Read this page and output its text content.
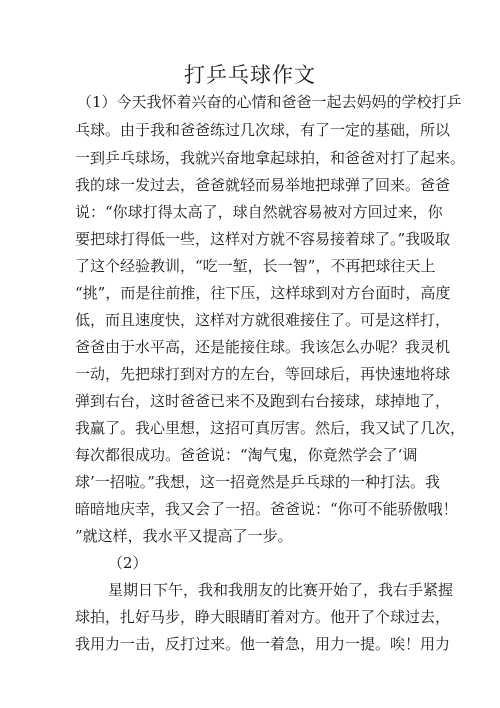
打乒乓球作文
（1）今天我怀着兴奋的心情和爸爸一起去妈妈的学校打乒
乓球。由于我和爸爸练过几次球，有了一定的基础，所以
一到乒乓球场，我就兴奋地拿起球拍，和爸爸对打了起来。
我的球一发过去，爸爸就轻而易举地把球弹了回来。爸爸
说：“你球打得太高了，球自然就容易被对方回过来，你
要把球打得低一些，这样对方就不容易接着球了。”我吸取
了这个经验教训，“吃一堑，长一智”，不再把球往天上
“挑”，而是往前推，往下压，这样球到对方台面时，高度
低，而且速度快，这样对方就很难接住了。可是这样打，
爸爸由于水平高，还是能接住球。我该怎么办呢？我灵机
一动，先把球打到对方的左台，等回球后，再快速地将球
弹到右台，这时爸爸已来不及跑到右台接球，球掉地了，
我赢了。我心里想，这招可真厉害。然后，我又试了几次，
每次都很成功。爸爸说：“淘气鬼，你竟然学会了‘调
球’一招啦。”我想，这一招竟然是乒乓球的一种打法。我
暗暗地庆幸，我又会了一招。爸爸说：“你可不能骄傲哦！
”就这样，我水平又提高了一步。
（2）
星期日下午，我和我朋友的比赛开始了，我右手紧握
球拍，扎好马步，睁大眼睛盯着对方。他开了个球过去，
我用力一击，反打过来。他一着急，用力一提。唉！用力
